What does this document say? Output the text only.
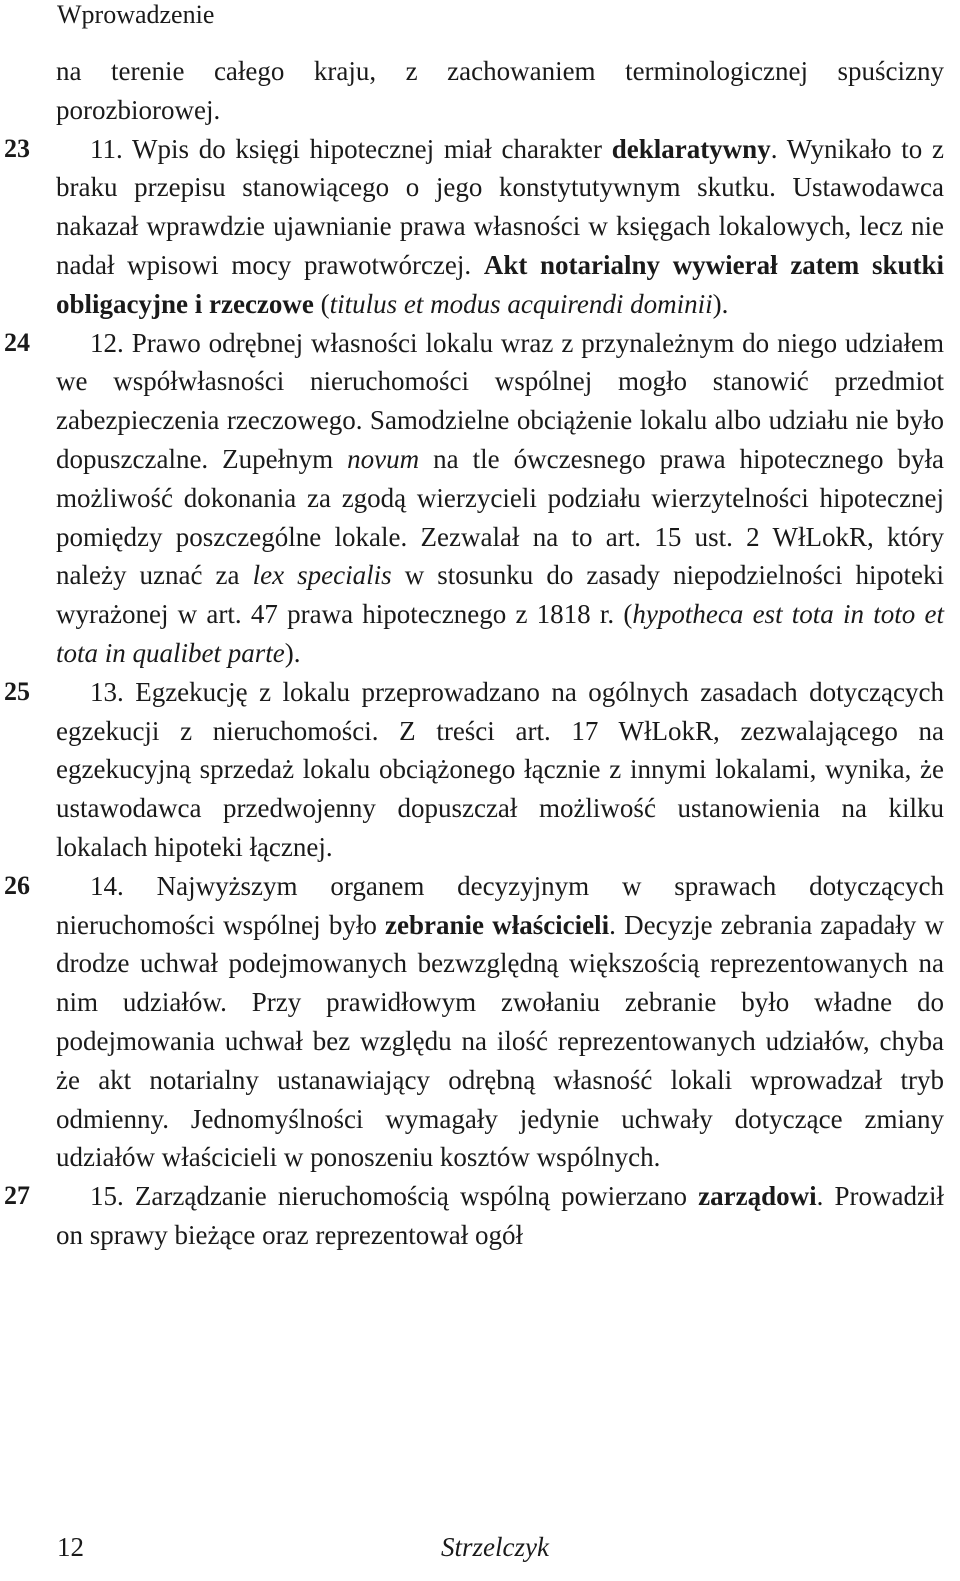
Wprowadzenie

na terenie całego kraju, z zachowaniem terminologicznej spuścizny porozbiorowej.

23 11. Wpis do księgi hipotecznej miał charakter deklaratywny. Wynikało to z braku przepisu stanowiącego o jego konstytutywnym skutku. Ustawodawca nakazał wprawdzie ujawnianie prawa własności w księgach lokalowych, lecz nie nadał wpisowi mocy prawotwórczej. Akt notarialny wywierał zatem skutki obligacyjne i rzeczowe (titulus et modus acquirendi dominii).

24 12. Prawo odrębnej własności lokalu wraz z przynależnym do niego udziałem we współwłasności nieruchomości wspólnej mogło stanowić przedmiot zabezpieczenia rzeczowego. Samodzielne obciążenie lokalu albo udziału nie było dopuszczalne. Zupełnym novum na tle ówczesnego prawa hipotecznego była możliwość dokonania za zgodą wierzycieli podziału wierzytelności hipotecznej pomiędzy poszczególne lokale. Zezwalał na to art. 15 ust. 2 WłLokR, który należy uznać za lex specialis w stosunku do zasady niepodzielności hipoteki wyrażonej w art. 47 prawa hipotecznego z 1818 r. (hypotheca est tota in toto et tota in qualibet parte).

25 13. Egzekucję z lokalu przeprowadzano na ogólnych zasadach dotyczących egzekucji z nieruchomości. Z treści art. 17 WłLokR, zezwalającego na egzekucyjną sprzedaż lokalu obciążonego łącznie z innymi lokalami, wynika, że ustawodawca przedwojenny dopuszczał możliwość ustanowienia na kilku lokalach hipoteki łącznej.

26 14. Najwyższym organem decyzyjnym w sprawach dotyczących nieruchomości wspólnej było zebranie właścicieli. Decyzje zebrania zapadały w drodze uchwał podejmowanych bezwzględną większością reprezentowanych na nim udziałów. Przy prawidłowym zwołaniu zebranie było władne do podejmowania uchwał bez względu na ilość reprezentowanych udziałów, chyba że akt notarialny ustanawiający odrębną własność lokali wprowadzał tryb odmienny. Jednomyślności wymagały jedynie uchwały dotyczące zmiany udziałów właścicieli w ponoszeniu kosztów wspólnych.

27 15. Zarządzanie nieruchomością wspólną powierzano zarządowi. Prowadził on sprawy bieżące oraz reprezentował ogół

12	Strzelczyk
